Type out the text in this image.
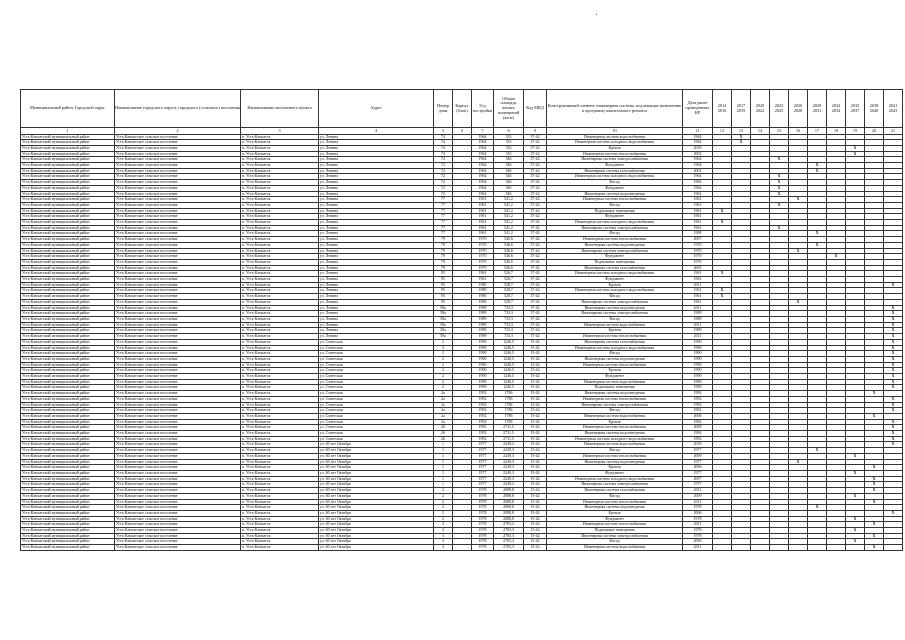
Муниципальный район, Городской округ	Наименование городского округа, городского (сельского) поселения	Наименование населенного пункта	Адрес	Номер дома	Корпус (блок)	Год постройки	Общая площадь жилых помещений (кв.м)	Код МКД	Конструктивный элемент, инженерная система, подлежащие включению в программу капитального ремонта	Дата ранее проведенных КР	2014 2016	2017 2019	2020 2022	2023 2025	2026 2028	2029 2031	2032 2034	2035 2037	2038 2040	2041 2043
1	2	3	4	5	6	7	8	9	10	11	12	13	14	15	16	17	18	19	20	21
Усть-Камчатский муниципальный район	Усть-Камчатское сельское поселение	п. Усть-Камчатск	ул. Ленина	74		1964	333	37-42	Инженерная система водоснабжения	1964		X								
Усть-Камчатский муниципальный район	Усть-Камчатское сельское поселение	п. Усть-Камчатск	ул. Ленина	74		1964	333	37-42	Инженерная система холодного водоснабжения	1964		X								
Усть-Камчатский муниципальный район	Усть-Камчатское сельское поселение	п. Усть-Камчатск	ул. Ленина	74		1964	333	37-42	Кровля	2010								X		
Усть-Камчатский муниципальный район	Усть-Камчатское сельское поселение	п. Усть-Камчатск	ул. Ленина	74		1964	333	37-42	Инженерная система теплоснабжения	2002								X		
Усть-Камчатский муниципальный район	Усть-Камчатское сельское поселение	п. Усть-Камчатск	ул. Ленина	72		1964	546	37-42	Инженерная система электроснабжения	1964				X						
Усть-Камчатский муниципальный район	Усть-Камчатское сельское поселение	п. Усть-Камчатск	ул. Ленина	72		1964	546	37-42	Фундамент	1964						X				
Усть-Камчатский муниципальный район	Усть-Камчатское сельское поселение	п. Усть-Камчатск	ул. Ленина	72		1964	546	37-42	Инженерная система газоснабжения	2002						X				
Усть-Камчатский муниципальный район	Усть-Камчатское сельское поселение	п. Усть-Камчатск	ул. Ленина	72		1964	546	37-42	Инженерная система холодного водоснабжения	1964				X						
Усть-Камчатский муниципальный район	Усть-Камчатское сельское поселение	п. Усть-Камчатск	ул. Ленина	72		1964	546	37-42	Фасад	1964				X						
Усть-Камчатский муниципальный район	Усть-Камчатское сельское поселение	п. Усть-Камчатск	ул. Ленина	72		1964	546	37-42	Фундамент	1964				X						
Усть-Камчатский муниципальный район	Усть-Камчатское сельское поселение	п. Усть-Камчатск	ул. Ленина	72		1964	546	37-42	Инженерная система водоотведения	1964				X						
Усть-Камчатский муниципальный район	Усть-Камчатское сельское поселение	п. Усть-Камчатск	ул. Ленина	77		1961	541,2	37-42	Инженерная система теплоснабжения	1961					X					
Усть-Камчатский муниципальный район	Усть-Камчатское сельское поселение	п. Усть-Камчатск	ул. Ленина	77		1961	541,2	37-42	Фасад	1961				X						
Усть-Камчатский муниципальный район	Усть-Камчатское сельское поселение	п. Усть-Камчатск	ул. Ленина	77		1961	541,2	37-42	Подвальные помещения	1961	X									
Усть-Камчатский муниципальный район	Усть-Камчатское сельское поселение	п. Усть-Камчатск	ул. Ленина	77		1961	541,2	37-42	Фундамент	1961										
Усть-Камчатский муниципальный район	Усть-Камчатское сельское поселение	п. Усть-Камчатск	ул. Ленина	77		1961	541,2	37-42	Инженерная система холодного водоснабжения	1961	X									
Усть-Камчатский муниципальный район	Усть-Камчатское сельское поселение	п. Усть-Камчатск	ул. Ленина	77		1961	541,2	37-42	Инженерная система электроснабжения	1961				X						
Усть-Камчатский муниципальный район	Усть-Камчатское сельское поселение	п. Усть-Камчатск	ул. Ленина	77		1961	541,2	37-42	Фасад	1998						X				
Усть-Камчатский муниципальный район	Усть-Камчатское сельское поселение	п. Усть-Камчатск	ул. Ленина	79		1970	546,6	37-42	Инженерная система теплоснабжения	2007										
Усть-Камчатский муниципальный район	Усть-Камчатское сельское поселение	п. Усть-Камчатск	ул. Ленина	79		1970	546,6	37-42	Инженерная система водоотведения	1970						X				
Усть-Камчатский муниципальный район	Усть-Камчатское сельское поселение	п. Усть-Камчатск	ул. Ленина	79		1970	546,6	37-42	Инженерная система электроснабжения	1970					X					
Усть-Камчатский муниципальный район	Усть-Камчатское сельское поселение	п. Усть-Камчатск	ул. Ленина	79		1970	546,6	37-42	Фундамент	1970							X			
Усть-Камчатский муниципальный район	Усть-Камчатское сельское поселение	п. Усть-Камчатск	ул. Ленина	79		1970	546,6	37-42	Подвальные помещения	1970										
Усть-Камчатский муниципальный район	Усть-Камчатское сельское поселение	п. Усть-Камчатск	ул. Ленина	79		1970	546,6	37-42	Инженерная система газоснабжения	2003										
Усть-Камчатский муниципальный район	Усть-Камчатское сельское поселение	п. Усть-Камчатск	ул. Ленина	95		1961	526,7	37-42	Инженерная система холодного водоснабжения	1961	X									
Усть-Камчатский муниципальный район	Усть-Камчатское сельское поселение	п. Усть-Камчатск	ул. Ленина	95		1961	526,7	37-42	Фундамент	1961										
Усть-Камчатский муниципальный район	Усть-Камчатское сельское поселение	п. Усть-Камчатск	ул. Ленина	95		1980	528,7	37-42	Кровля	2011										X
Усть-Камчатский муниципальный район	Усть-Камчатское сельское поселение	п. Усть-Камчатск	ул. Ленина	95		1980	528,7	37-42	Инженерная система холодного водоснабжения	1961	X									
Усть-Камчатский муниципальный район	Усть-Камчатское сельское поселение	п. Усть-Камчатск	ул. Ленина	95		1980	528,7	37-42	Фасад	1961	X									
Усть-Камчатский муниципальный район	Усть-Камчатское сельское поселение	п. Усть-Камчатск	ул. Ленина	95		1980	528,7	37-42	Инженерная система электроснабжения	1961					X					
Усть-Камчатский муниципальный район	Усть-Камчатское сельское поселение	п. Усть-Камчатск	ул. Ленина	58а		1989	733,3	37-42	Инженерная система водоотведения	2011										X
Усть-Камчатский муниципальный район	Усть-Камчатское сельское поселение	п. Усть-Камчатск	ул. Ленина	58а		1989	733,3	37-42	Инженерная система электроснабжения	1989										X
Усть-Камчатский муниципальный район	Усть-Камчатское сельское поселение	п. Усть-Камчатск	ул. Ленина	58а		1989	733,3	37-42	Фасад	1989										X
Усть-Камчатский муниципальный район	Усть-Камчатское сельское поселение	п. Усть-Камчатск	ул. Ленина	58а		1989	733,3	37-42	Инженерная система водоснабжения	2011										X
Усть-Камчатский муниципальный район	Усть-Камчатское сельское поселение	п. Усть-Камчатск	ул. Ленина	58а		1989	733,3	37-42	Кровля	1989										X
Усть-Камчатский муниципальный район	Усть-Камчатское сельское поселение	п. Усть-Камчатск	ул. Ленина	58а		1989	733,3	37-42	Инженерная система теплоснабжения	2011										X
Усть-Камчатский муниципальный район	Усть-Камчатское сельское поселение	п. Усть-Камчатск	ул. Советская	2		1990	1246,5	15-42	Инженерная система газоснабжения	1990										X
Усть-Камчатский муниципальный район	Усть-Камчатское сельское поселение	п. Усть-Камчатск	ул. Советская	2		1990	1246,5	15-42	Инженерная система холодного водоснабжения	1990										X
Усть-Камчатский муниципальный район	Усть-Камчатское сельское поселение	п. Усть-Камчатск	ул. Советская	2		1990	1246,5	15-42	Фасад	1990										X
Усть-Камчатский муниципальный район	Усть-Камчатское сельское поселение	п. Усть-Камчатск	ул. Советская	2		1990	1246,5	15-42	Инженерная система водоотведения	1990										X
Усть-Камчатский муниципальный район	Усть-Камчатское сельское поселение	п. Усть-Камчатск	ул. Советская	2		1990	1246,5	15-42	Инженерная система теплоснабжения	1990										X
Усть-Камчатский муниципальный район	Усть-Камчатское сельское поселение	п. Усть-Камчатск	ул. Советская	2		1990	1246,5	15-42	Кровля	1990										X
Усть-Камчатский муниципальный район	Усть-Камчатское сельское поселение	п. Усть-Камчатск	ул. Советская	2		1990	1246,5	15-42	Фундамент	1990										X
Усть-Камчатский муниципальный район	Усть-Камчатское сельское поселение	п. Усть-Камчатск	ул. Советская	2		1990	1246,5	15-42	Инженерная система водоснабжения	1990										X
Усть-Камчатский муниципальный район	Усть-Камчатское сельское поселение	п. Усть-Камчатск	ул. Советская	2		1990	1246,5	15-42	Подвальные помещения	1990										X
Усть-Камчатский муниципальный район	Усть-Камчатское сельское поселение	п. Усть-Камчатск	ул. Советская	2а		1992	1786	15-42	Инженерная система водоотведения	1992									X	
Усть-Камчатский муниципальный район	Усть-Камчатское сельское поселение	п. Усть-Камчатск	ул. Советская	2а		1992	1786	15-42	Инженерная система теплоснабжения	1992										X
Усть-Камчатский муниципальный район	Усть-Камчатское сельское поселение	п. Усть-Камчатск	ул. Советская	2а		1992	1786	15-42	Инженерная система электроснабжения	1992										X
Усть-Камчатский муниципальный район	Усть-Камчатское сельское поселение	п. Усть-Камчатск	ул. Советская	2а		1992	1786	15-42	Фасад	1992										X
Усть-Камчатский муниципальный район	Усть-Камчатское сельское поселение	п. Усть-Камчатск	ул. Советская	2а		1992	1786	15-42	Инженерная система водоснабжения	2006									X	
Усть-Камчатский муниципальный район	Усть-Камчатское сельское поселение	п. Усть-Камчатск	ул. Советская	2а		1992	1786	15-42	Кровля	1992										X
Усть-Камчатский муниципальный район	Усть-Камчатское сельское поселение	п. Усть-Камчатск	ул. Советская	26		1992	2731,5	15-42	Инженерная система теплоснабжения	2009										X
Усть-Камчатский муниципальный район	Усть-Камчатское сельское поселение	п. Усть-Камчатск	ул. Советская	26		1992	2731,5	15-42	Инженерная система водоотведения	1992										X
Усть-Камчатский муниципальный район	Усть-Камчатское сельское поселение	п. Усть-Камчатск	ул. Советская	26		1992	2731,5	15-42	Инженерная система холодного водоснабжения	1992										X
Усть-Камчатский муниципальный район	Усть-Камчатское сельское поселение	п. Усть-Камчатск	ул. 60 лет Октября	1		1977	2249,3	15-42	Инженерная система водоснабжения	2010										X
Усть-Камчатский муниципальный район	Усть-Камчатское сельское поселение	п. Усть-Камчатск	ул. 60 лет Октября	1		1977	2249,3	15-42	Фасад	1977						X				
Усть-Камчатский муниципальный район	Усть-Камчатское сельское поселение	п. Усть-Камчатск	ул. 60 лет Октября	1		1977	2249,3	15-42	Инженерная система теплоснабжения	2009								X		
Усть-Камчатский муниципальный район	Усть-Камчатское сельское поселение	п. Усть-Камчатск	ул. 60 лет Октября	1		1977	2249,3	15-42	Инженерная система водоотведения	1977					X					
Усть-Камчатский муниципальный район	Усть-Камчатское сельское поселение	п. Усть-Камчатск	ул. 60 лет Октября	1		1977	2249,3	15-42	Кровля	2006									X	
Усть-Камчатский муниципальный район	Усть-Камчатское сельское поселение	п. Усть-Камчатск	ул. 60 лет Октября	1		1977	2249,3	15-42	Фундамент	1977								X		
Усть-Камчатский муниципальный район	Усть-Камчатское сельское поселение	п. Усть-Камчатск	ул. 60 лет Октября	1		1977	2249,3	15-42	Инженерная система холодного водоснабжения	2007									X	
Усть-Камчатский муниципальный район	Усть-Камчатское сельское поселение	п. Усть-Камчатск	ул. 60 лет Октября	1		1977	2249,3	15-42	Инженерная система электроснабжения	1977									X	
Усть-Камчатский муниципальный район	Усть-Камчатское сельское поселение	п. Усть-Камчатск	ул. 60 лет Октября	2		1978	2088,8	15-42	Инженерная система газоснабжения	2011									X	
Усть-Камчатский муниципальный район	Усть-Камчатское сельское поселение	п. Усть-Камчатск	ул. 60 лет Октября	2		1978	2088,8	15-42	Фасад	2009								X		
Усть-Камчатский муниципальный район	Усть-Камчатское сельское поселение	п. Усть-Камчатск	ул. 60 лет Октября	2		1978	2088,8	15-42	Инженерная система теплоснабжения	2011									X	
Усть-Камчатский муниципальный район	Усть-Камчатское сельское поселение	п. Усть-Камчатск	ул. 60 лет Октября	2		1978	2088,8	15-42	Инженерная система водоотведения	1978						X				
Усть-Камчатский муниципальный район	Усть-Камчатское сельское поселение	п. Усть-Камчатск	ул. 60 лет Октября	2		1978	2088,8	15-42	Кровля	2006										X
Усть-Камчатский муниципальный район	Усть-Камчатское сельское поселение	п. Усть-Камчатск	ул. 60 лет Октября	2		1978	2088,8	15-42	Фундамент	1978								X		
Усть-Камчатский муниципальный район	Усть-Камчатское сельское поселение	п. Усть-Камчатск	ул. 60 лет Октября	3		1978	2783,3	15-42	Инженерная система теплоснабжения	2011									X	
Усть-Камчатский муниципальный район	Усть-Камчатское сельское поселение	п. Усть-Камчатск	ул. 60 лет Октября	3		1978	2783,3	15-42	Подвальные помещения	1978								X		
Усть-Камчатский муниципальный район	Усть-Камчатское сельское поселение	п. Усть-Камчатск	ул. 60 лет Октября	3		1978	2783,3	15-42	Инженерная система электроснабжения	1978									X	
Усть-Камчатский муниципальный район	Усть-Камчатское сельское поселение	п. Усть-Камчатск	ул. 60 лет Октября	3		1978	2783,3	15-42	Фасад	2006								X		
Усть-Камчатский муниципальный район	Усть-Камчатское сельское поселение	п. Усть-Камчатск	ул. 60 лет Октября	3		1978	2783,3	15-42	Инженерная система водоснабжения	2011									X	
